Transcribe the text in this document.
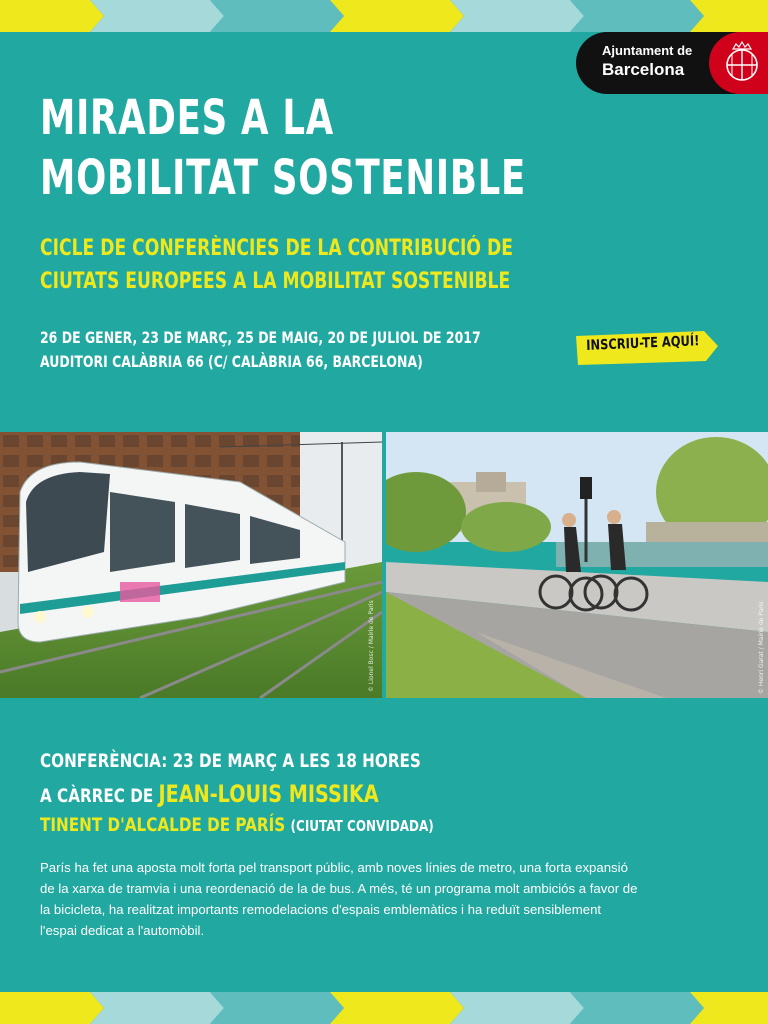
Ajuntament de
Barcelona
MIRADES A LA
MOBILITAT SOSTENIBLE
CICLE DE CONFERÈNCIES DE LA CONTRIBUCIÓ DE
CIUTATS EUROPEES A LA MOBILITAT SOSTENIBLE
26 DE GENER, 23 DE MARÇ, 25 DE MAIG, 20 DE JULIOL DE 2017
AUDITORI CALÀBRIA 66 (C/ CALÀBRIA 66, BARCELONA)
INSCRIU-TE AQUÍ!
© Lionel Bosc / Mairie de Paris	© Henri Garat / Mairie de Paris
CONFERÈNCIA: 23 DE MARÇ A LES 18 HORES
A CÀRREC DE JEAN-LOUIS MISSIKA
TINENT D'ALCALDE DE PARÍS (CIUTAT CONVIDADA)

París ha fet una aposta molt forta pel transport públic, amb noves línies de metro, una forta expansió de la xarxa de tramvia i una reordenació de la de bus. A més, té un programa molt ambiciós a favor de la bicicleta, ha realitzat importants remodelacions d'espais emblemàtics i ha reduït sensiblement l'espai dedicat a l'automòbil.
